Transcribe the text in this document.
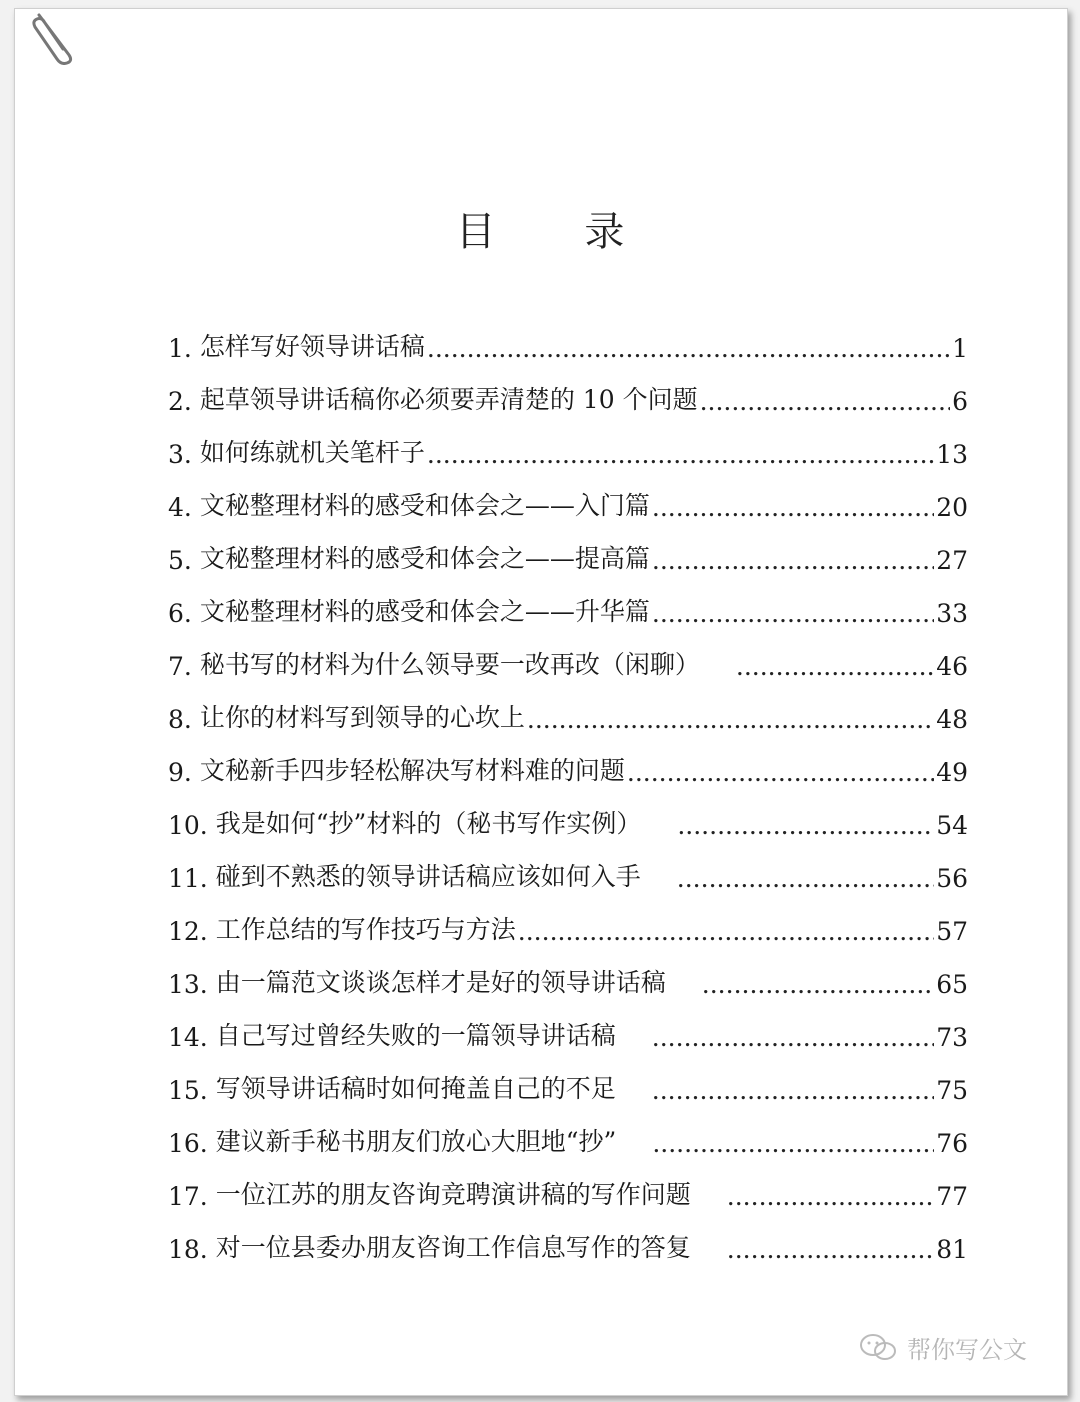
帮你写公文
目 录
1. 怎样写好领导讲话稿 .....	1
2. 起草领导讲话稿你必须要弄清楚的 10 个问题 .....	6
3. 如何练就机关笔杆子 .....	13
4. 文秘整理材料的感受和体会之——入门篇 .....	20
5. 文秘整理材料的感受和体会之——提高篇 .....	27
6. 文秘整理材料的感受和体会之——升华篇 .....	33
7. 秘书写的材料为什么领导要一改再改（闲聊） .....	46
8. 让你的材料写到领导的心坎上 .....	48
9. 文秘新手四步轻松解决写材料难的问题 .....	49
10. 我是如何“抄”材料的（秘书写作实例） .....	54
11. 碰到不熟悉的领导讲话稿应该如何入手 .....	56
12. 工作总结的写作技巧与方法 .....	57
13. 由一篇范文谈谈怎样才是好的领导讲话稿 .....	65
14. 自己写过曾经失败的一篇领导讲话稿 .....	73
15. 写领导讲话稿时如何掩盖自己的不足 .....	75
16. 建议新手秘书朋友们放心大胆地“抄” .....	76
17. 一位江苏的朋友咨询竞聘演讲稿的写作问题 .....	77
18. 对一位县委办朋友咨询工作信息写作的答复 .....	81
